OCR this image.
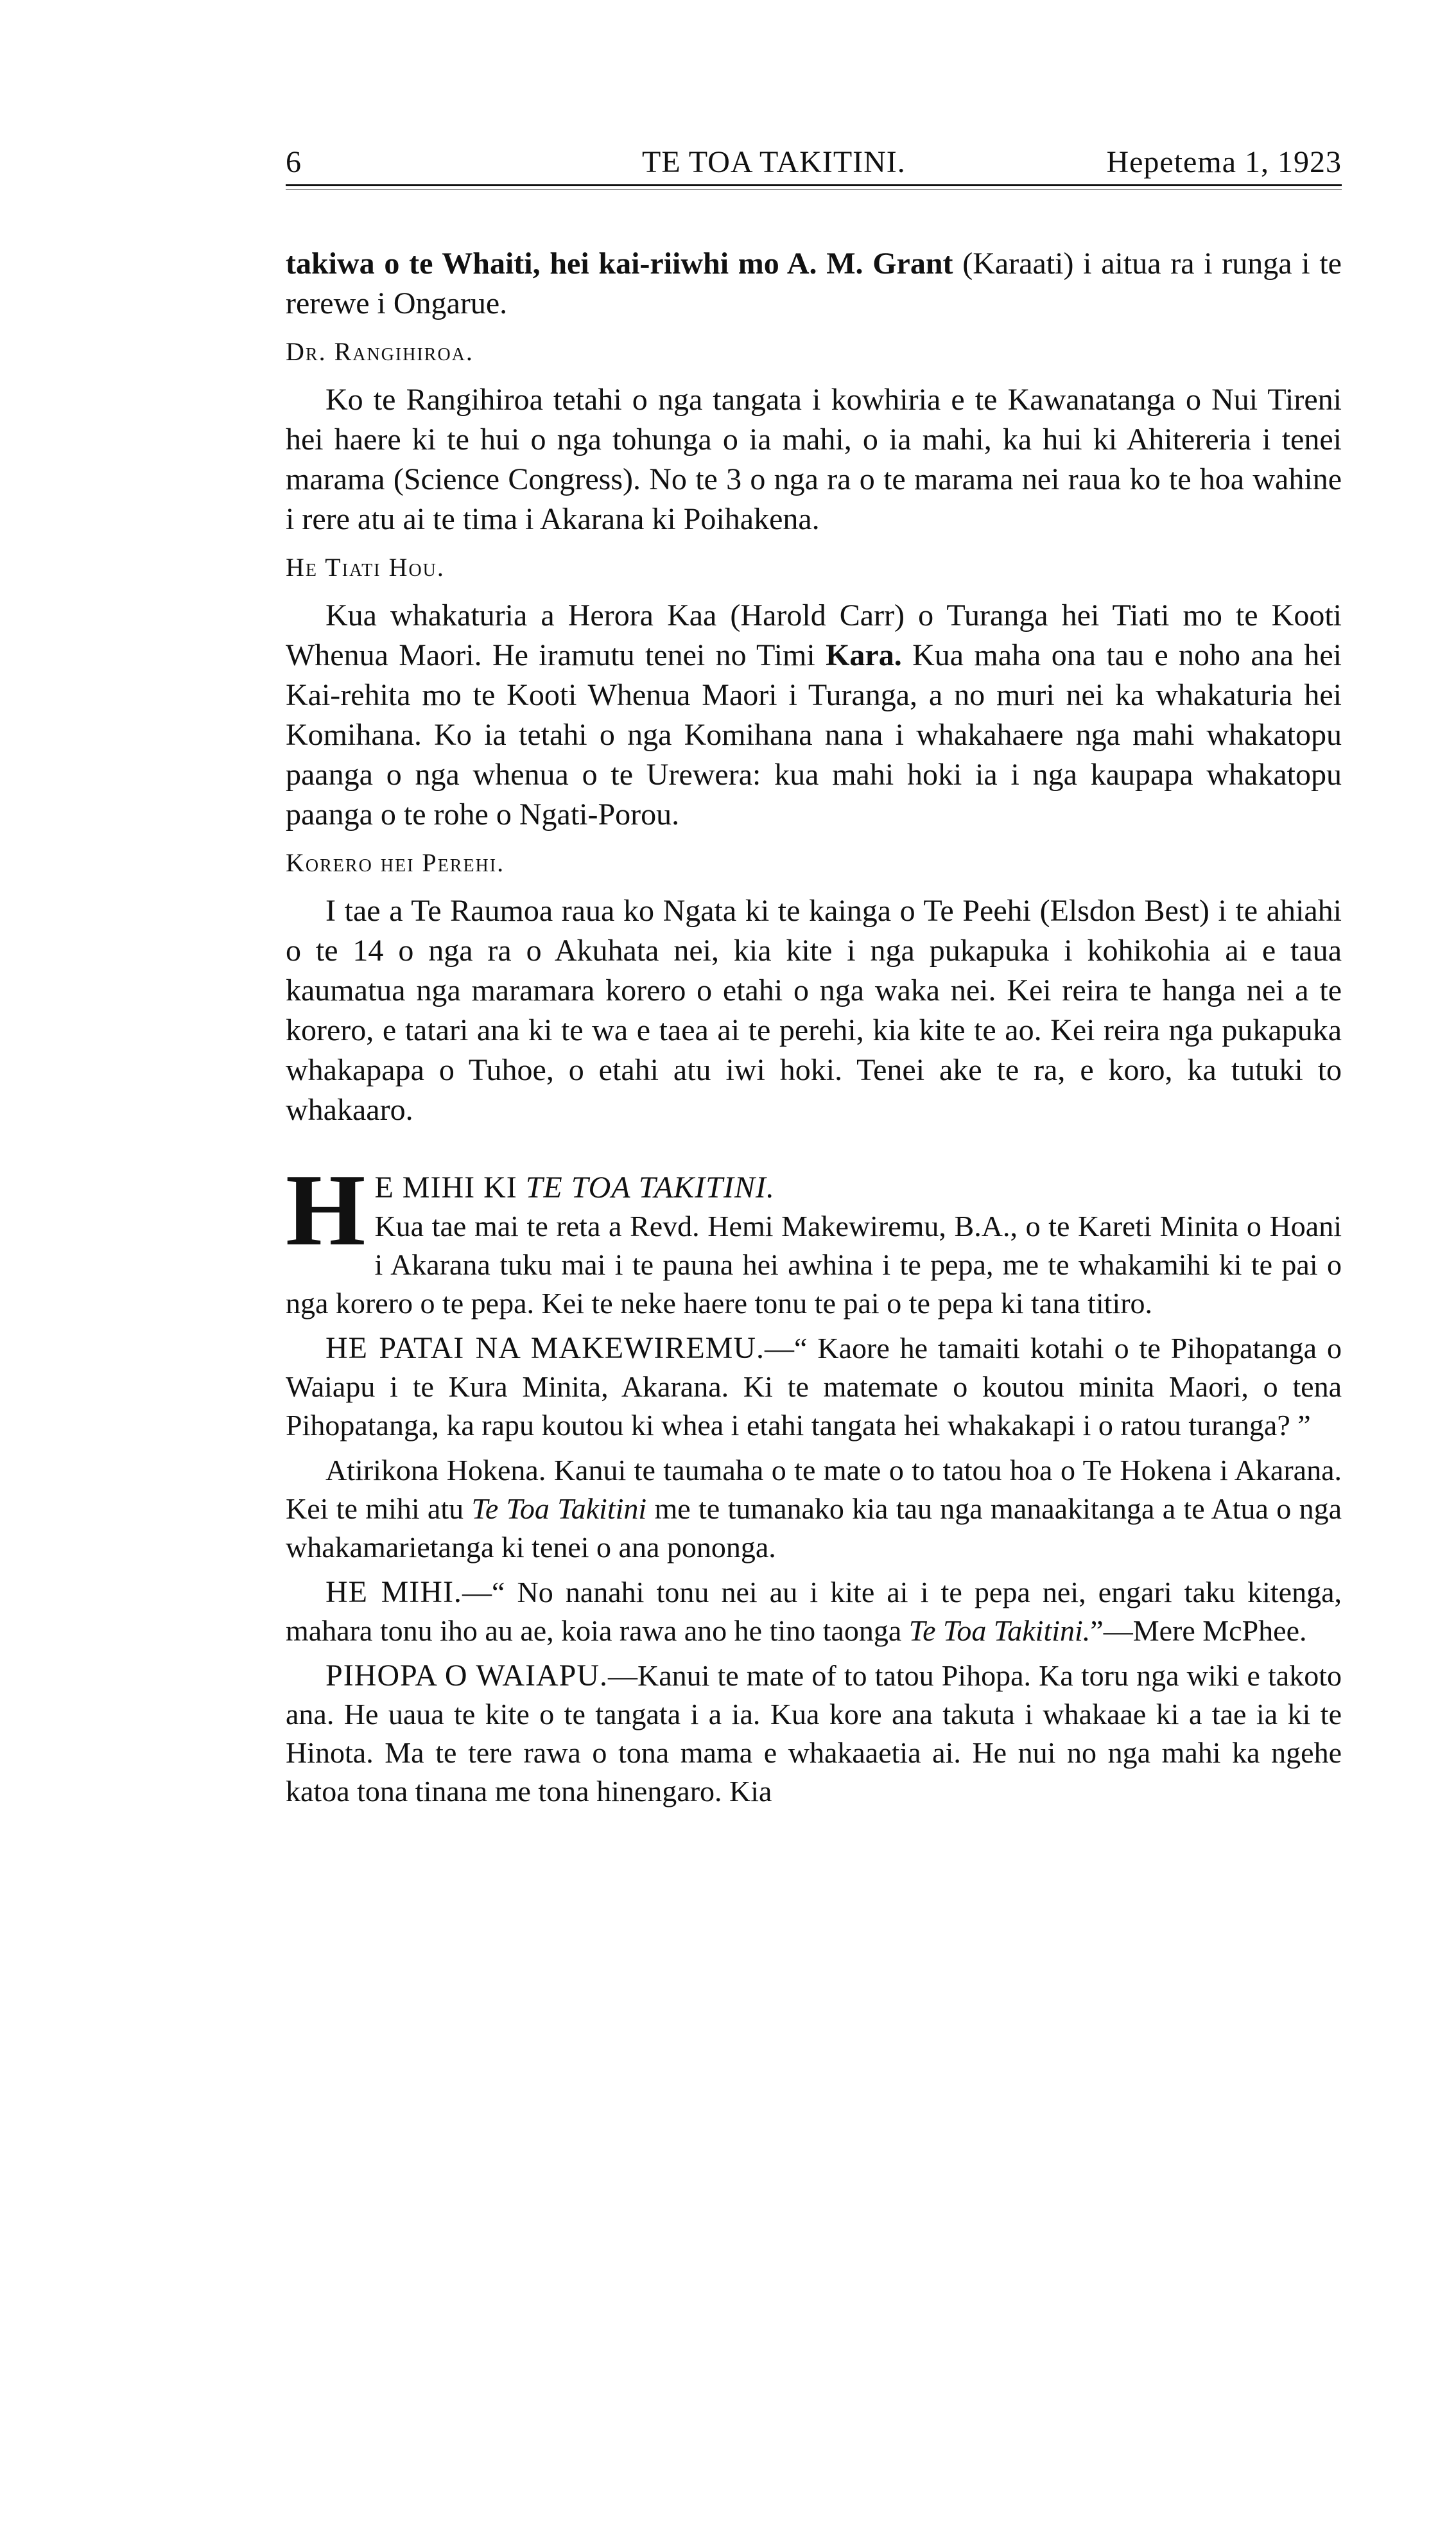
6	TE TOA TAKITINI.	Hepetema 1, 1923

takiwa o te Whaiti, hei kai-riiwhi mo A. M. Grant (Karaati) i aitua ra i runga i te rerewe i Ongarue.

Dr. Rangihiroa.

Ko te Rangihiroa tetahi o nga tangata i kowhiria e te Kawanatanga o Nui Tireni hei haere ki te hui o nga tohunga o ia mahi, o ia mahi, ka hui ki Ahitereria i tenei marama (Science Congress). No te 3 o nga ra o te marama nei raua ko te hoa wahine i rere atu ai te tima i Akarana ki Poihakena.

He Tiati Hou.

Kua whakaturia a Herora Kaa (Harold Carr) o Turanga hei Tiati mo te Kooti Whenua Maori. He iramutu tenei no Timi Kara. Kua maha ona tau e noho ana hei Kai-rehita mo te Kooti Whenua Maori i Turanga, a no muri nei ka whakaturia hei Komihana. Ko ia tetahi o nga Komihana nana i whakahaere nga mahi whakatopu paanga o nga whenua o te Urewera: kua mahi hoki ia i nga kaupapa whakatopu paanga o te rohe o Ngati-Porou.

Korero hei Perehi.

I tae a Te Raumoa raua ko Ngata ki te kainga o Te Peehi (Elsdon Best) i te ahiahi o te 14 o nga ra o Akuhata nei, kia kite i nga pukapuka i kohikohia ai e taua kaumatua nga maramara korero o etahi o nga waka nei. Kei reira te hanga nei a te korero, e tatari ana ki te wa e taea ai te perehi, kia kite te ao. Kei reira nga pukapuka whakapapa o Tuhoe, o etahi atu iwi hoki. Tenei ake te ra, e koro, ka tutuki to whakaaro.

H E MIHI KI TE TOA TAKITINI.

Kua tae mai te reta a Revd. Hemi Makewiremu, B.A., o te Kareti Minita o Hoani i Akarana tuku mai i te pauna hei awhina i te pepa, me te whakamihi ki te pai o nga korero o te pepa. Kei te neke haere tonu te pai o te pepa ki tana titiro.

HE PATAI NA MAKEWIREMU.—“ Kaore he tamaiti kotahi o te Pihopatanga o Waiapu i te Kura Minita, Akarana. Ki te matemate o koutou minita Maori, o tena Pihopatanga, ka rapu koutou ki whea i etahi tangata hei whakakapi i o ratou turanga? ”

Atirikona Hokena. Kanui te taumaha o te mate o to tatou hoa o Te Hokena i Akarana. Kei te mihi atu Te Toa Takitini me te tumanako kia tau nga manaakitanga a te Atua o nga whakamarietanga ki tenei o ana pononga.

HE MIHI.—“ No nanahi tonu nei au i kite ai i te pepa nei, engari taku kitenga, mahara tonu iho au ae, koia rawa ano he tino taonga Te Toa Takitini.”—Mere McPhee.

PIHOPA O WAIAPU.—Kanui te mate of to tatou Pihopa. Ka toru nga wiki e takoto ana. He uaua te kite o te tangata i a ia. Kua kore ana takuta i whakaae ki a tae ia ki te Hinota. Ma te tere rawa o tona mama e whakaaetia ai. He nui no nga mahi ka ngehe katoa tona tinana me tona hinengaro. Kia
